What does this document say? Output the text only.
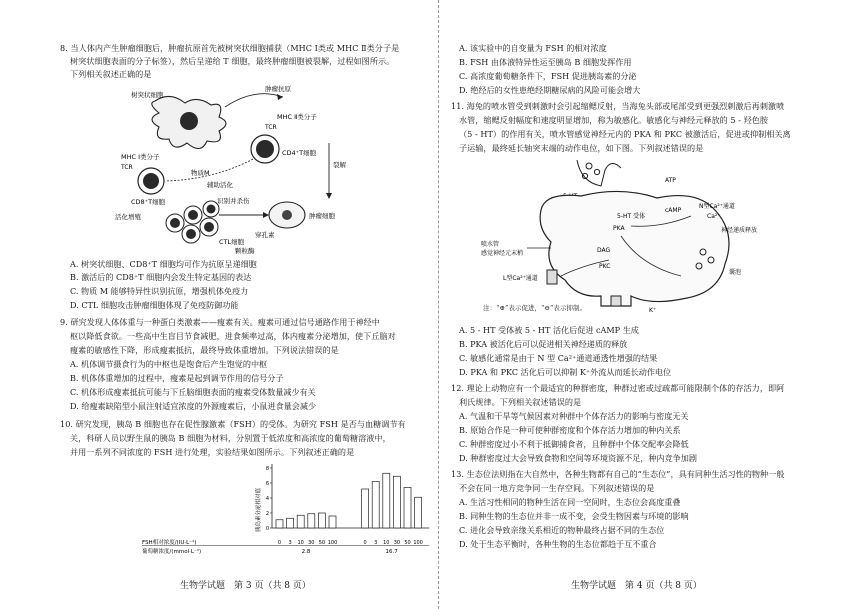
8. 当人体内产生肿瘤细胞后，肿瘤抗原首先被树突状细胞捕获（MHC Ⅰ类或 MHC Ⅱ类分子是
树突状细胞表面的分子标签），然后呈递给 T 细胞，最终肿瘤细胞被裂解，过程如图所示。
下列相关叙述正确的是
树突状细胞
肿瘤抗原
MHC Ⅱ类分子
TCR
MHC Ⅰ类分子
TCR
CD4⁺T细胞
CD8⁺T细胞
物质M
辅助活化
活化增殖
识别并杀伤
肿瘤细胞
穿孔素
CTL细胞
颗粒酶
裂解
A. 树突状细胞、CD8⁺T 细胞均可作为抗原呈递细胞
B. 激活后的 CD8⁺T 细胞内会发生特定基因的表达
C. 物质 M 能够特异性识别抗原，增强机体免疫力
D. CTL 细胞攻击肿瘤细胞体现了免疫防御功能
9. 研究发现人体体重与一种蛋白类激素——瘦素有关。瘦素可通过信号通路作用于神经中
枢以降低食欲。一些高中生盲目节食减肥，进食频率过高，体内瘦素分泌增加，使下丘脑对
瘦素的敏感性下降，形成瘦素抵抗，最终导致体重增加。下列说法错误的是
A. 机体调节摄食行为的中枢也是饱食后产生饱觉的中枢
B. 机体体重增加的过程中，瘦素是起到调节作用的信号分子
C. 机体形成瘦素抵抗可能与下丘脑细胞表面的瘦素受体数量减少有关
D. 给瘦素缺陷型小鼠注射适宜浓度的外源瘦素后，小鼠进食量会减少
10. 研究发现，胰岛 B 细胞也存在促性腺激素（FSH）的受体。为研究 FSH 是否与血糖调节有
关，科研人员以野生鼠的胰岛 B 细胞为材料，分别置于低浓度和高浓度的葡萄糖溶液中，
并用一系列不同浓度的 FSH 进行处理，实验结果如图所示。下列叙述正确的是
胰岛素分泌相对值 0
2
4
6
8
0 3 10 30 50 100
2.8
0 3 10 30 50 100
16.7
FSH相对浓度/(IU·L⁻¹)
葡萄糖浓度/(mmol·L⁻¹)
生物学试题　第 3 页（共 8 页）
A. 该实验中的自变量为 FSH 的相对浓度
B. FSH 由体液特异性运至胰岛 B 细胞发挥作用
C. 高浓度葡萄糖条件下，FSH 促进胰岛素的分泌
D. 绝经后的女性患绝经期糖尿病的风险可能会增大
11. 海兔的喷水管受到刺激时会引起缩鳃反射，当海兔头部或尾部受到更强烈刺激后再刺激喷
水管，缩鳃反射幅度和速度明显增加，称为敏感化。敏感化与神经元释放的 5 - 羟色胺
（5 - HT）的作用有关，喷水管感觉神经元内的 PKA 和 PKC 被激活后，促进或抑制相关离
子运输，最终延长轴突末端的动作电位，如下图。下列叙述错误的是
5-HT 受体
ATP
cAMP
PKA
DAG
PKC
喷水管
感觉神经元末梢
N型Ca²⁺通道
Ca²⁺
神经递质释放
囊泡
L型Ca²⁺通道
K⁺
注：“⊕”表示促进，“⊖”表示抑制。
A. 5 - HT 受体被 5 - HT 活化后促进 cAMP 生成
B. PKA 被活化后可以促进相关神经递质的释放
C. 敏感化通常是由于 N 型 Ca²⁺通道通透性增强的结果
D. PKA 和 PKC 活化后可以抑制 K⁺外流从而延长动作电位
12. 理论上动物应有一个最适宜的种群密度，种群过密或过疏都可能限制个体的存活力，即阿
利氏规律。下列相关叙述错误的是
A. 气温和干旱等气候因素对种群中个体存活力的影响与密度无关
B. 原始合作是一种可使种群密度和个体存活力增加的种内关系
C. 种群密度过小不利于抵御捕食者，且种群中个体交配率会降低
D. 种群密度过大会导致食物和空间等环境资源不足，种内竞争加剧
13. 生态位法则指在大自然中，各种生物都有自己的“生态位”，具有同种生活习性的物种一般
不会在同一地方竞争同一生存空间。下列叙述错误的是
A. 生活习性相同的物种生活在同一空间时，生态位会高度重叠
B. 同种生物的生态位并非一成不变，会受生物因素与环境的影响
C. 进化会导致亲缘关系相近的物种最终占据不同的生态位
D. 处于生态平衡时，各种生物的生态位都趋于互不重合
生物学试题　第 4 页（共 8 页）
